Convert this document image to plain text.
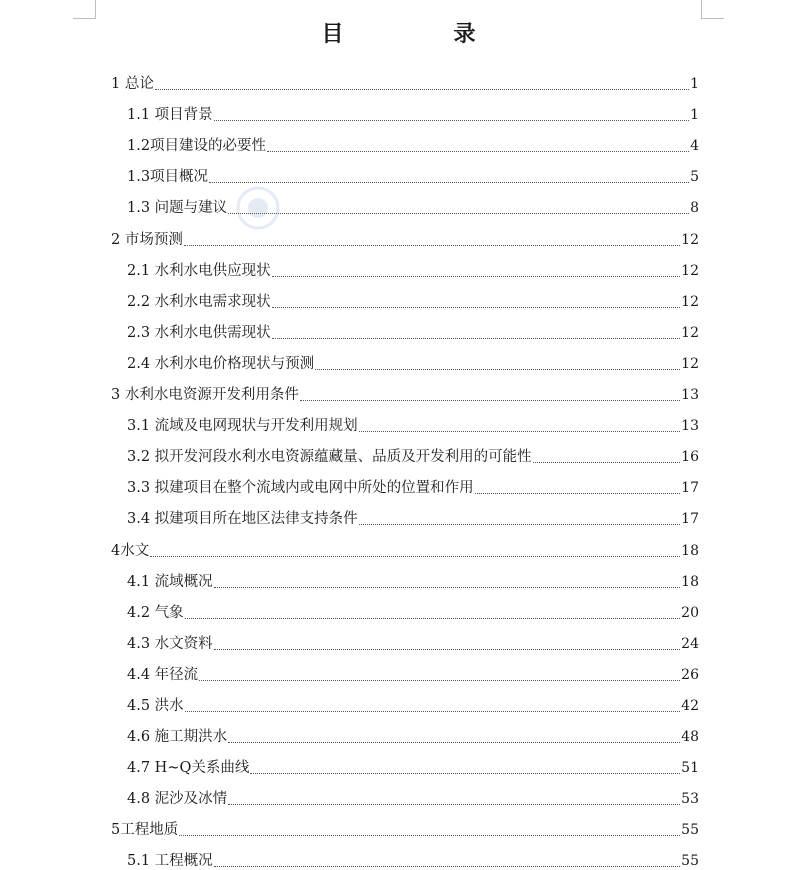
目　录
1 总论	1
1.1 项目背景	1
1.2项目建设的必要性	4
1.3项目概况	5
1.3 问题与建议	8
2 市场预测	12
2.1 水利水电供应现状	12
2.2 水利水电需求现状	12
2.3 水利水电供需现状	12
2.4 水利水电价格现状与预测	12
3 水利水电资源开发利用条件	13
3.1 流域及电网现状与开发利用规划	13
3.2 拟开发河段水利水电资源蕴藏量、品质及开发利用的可能性	16
3.3 拟建项目在整个流域内或电网中所处的位置和作用	17
3.4 拟建项目所在地区法律支持条件	17
4水文	18
4.1 流域概况	18
4.2 气象	20
4.3 水文资料	24
4.4 年径流	26
4.5 洪水	42
4.6 施工期洪水	48
4.7 H~Q关系曲线	51
4.8 泥沙及冰情	53
5工程地质	55
5.1 工程概况	55
